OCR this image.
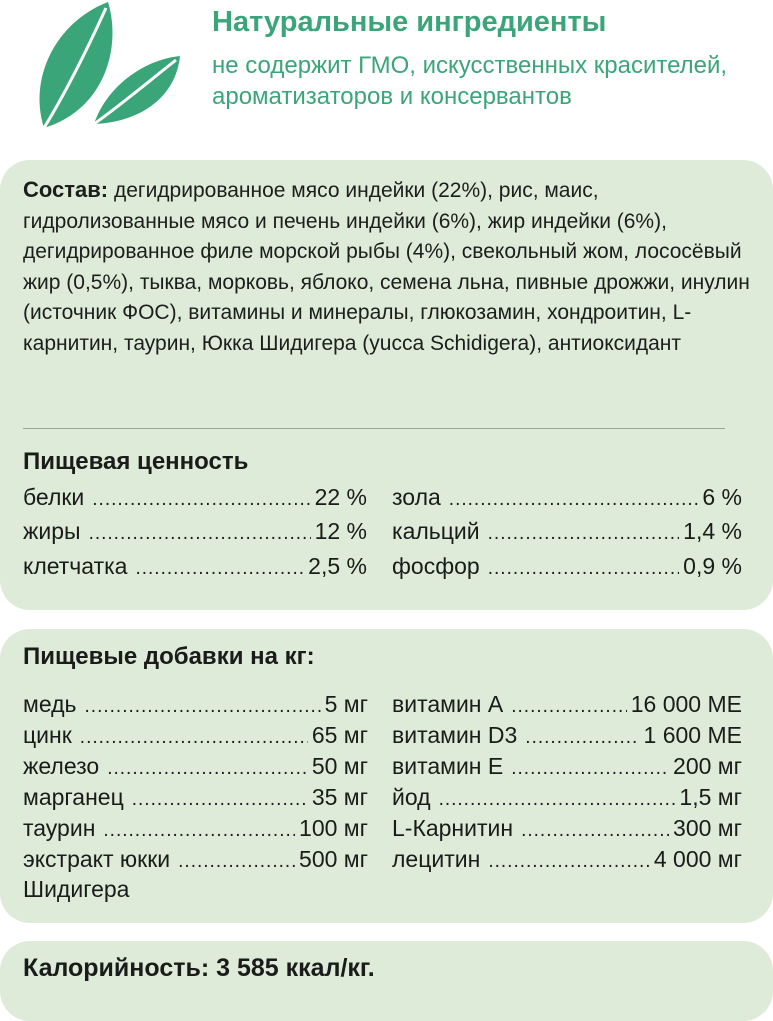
Натуральные ингредиенты

не содержит ГМО, искусственных красителей, ароматизаторов и консервантов

Состав: дегидрированное мясо индейки (22%), рис, маис, гидролизованные мясо и печень индейки (6%), жир индейки (6%), дегидрированное филе морской рыбы (4%), свекольный жом, лососёвый жир (0,5%), тыква, морковь, яблоко, семена льна, пивные дрожжи, инулин (источник ФОС), витамины и минералы, глюкозамин, хондроитин, L-карнитин, таурин, Юкка Шидигера (yucca Schidigera), антиоксидант

Пищевая ценность
белки .....	22 %
жиры .....	12 %
клетчатка .....	2,5 %
зола .....	6 %
кальций .....	1,4 %
фосфор .....	0,9 %
Пищевые добавки на кг:
медь .....	5 мг
цинк .....	65 мг
железо .....	50 мг
марганец .....	35 мг
таурин .....	100 мг
экстракт юкки .....	500 мг
Шидигера
витамин А .....	16 000 МЕ
витамин D3 .....	1 600 МЕ
витамин Е .....	200 мг
йод .....	1,5 мг
L-Карнитин .....	300 мг
лецитин .....	4 000 мг

Калорийность: 3 585 ккал/кг.
